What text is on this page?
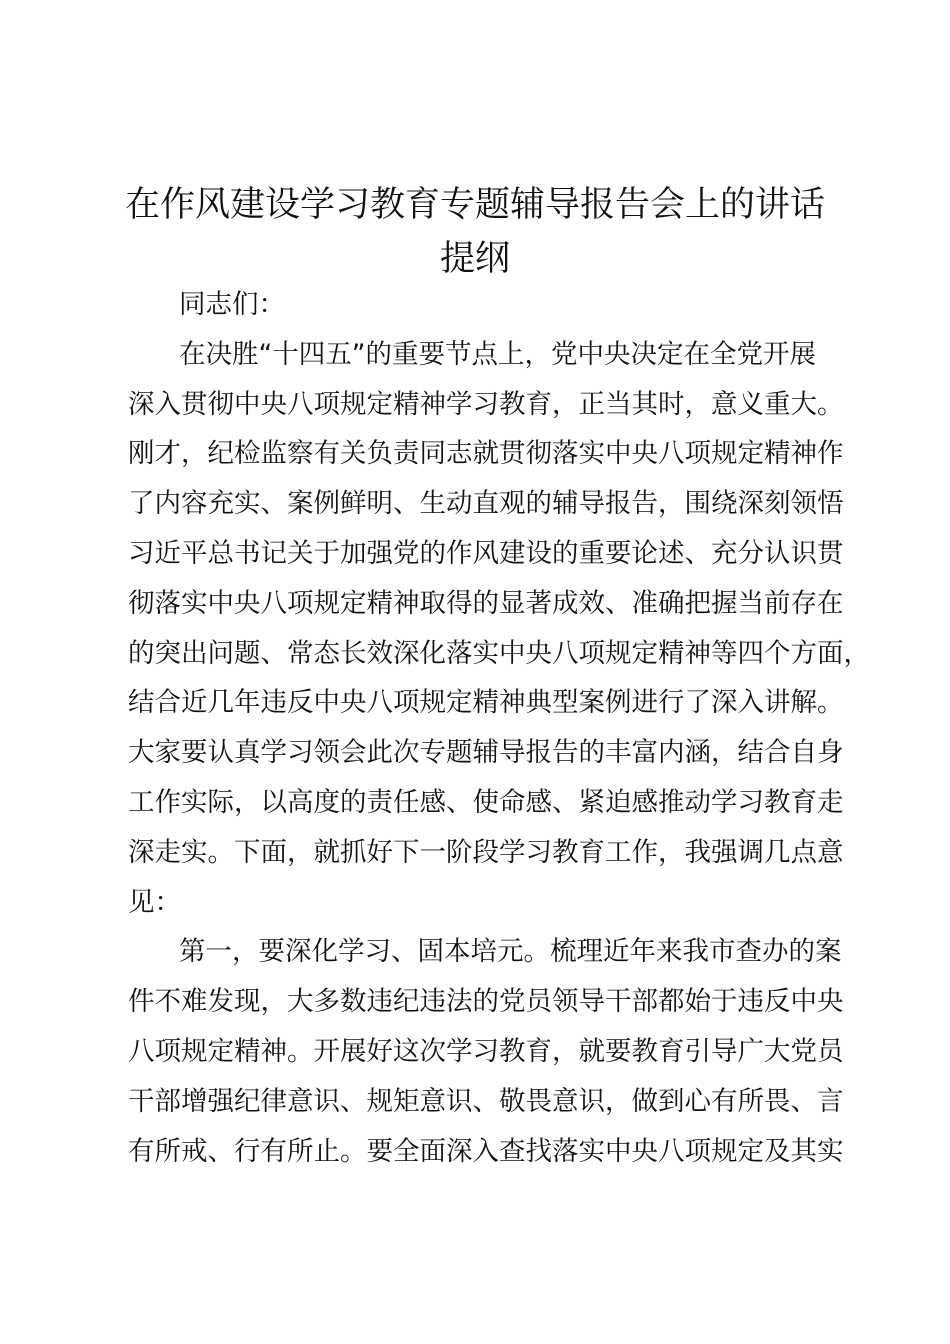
在作风建设学习教育专题辅导报告会上的讲话
提纲
同志们：
在决胜“十四五”的重要节点上，党中央决定在全党开展
深入贯彻中央八项规定精神学习教育，正当其时，意义重大。
刚才，纪检监察有关负责同志就贯彻落实中央八项规定精神作
了内容充实、案例鲜明、生动直观的辅导报告，围绕深刻领悟
习近平总书记关于加强党的作风建设的重要论述、充分认识贯
彻落实中央八项规定精神取得的显著成效、准确把握当前存在
的突出问题、常态长效深化落实中央八项规定精神等四个方面，
结合近几年违反中央八项规定精神典型案例进行了深入讲解。
大家要认真学习领会此次专题辅导报告的丰富内涵，结合自身
工作实际，以高度的责任感、使命感、紧迫感推动学习教育走
深走实。下面，就抓好下一阶段学习教育工作，我强调几点意
见：
第一，要深化学习、固本培元。梳理近年来我市查办的案
件不难发现，大多数违纪违法的党员领导干部都始于违反中央
八项规定精神。开展好这次学习教育，就要教育引导广大党员
干部增强纪律意识、规矩意识、敬畏意识，做到心有所畏、言
有所戒、行有所止。要全面深入查找落实中央八项规定及其实
